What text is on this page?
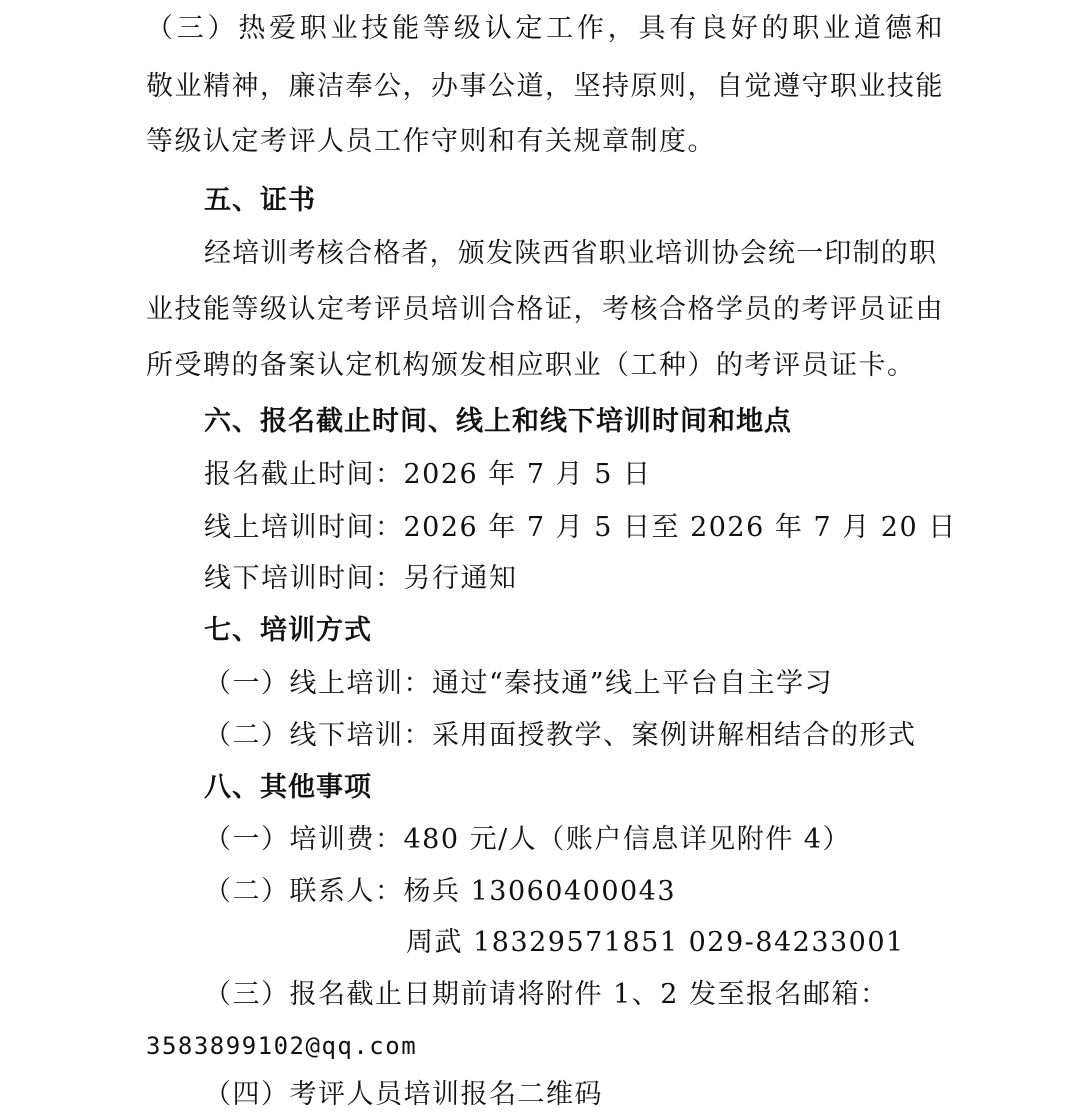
（三）热爱职业技能等级认定工作，具有良好的职业道德和
敬业精神，廉洁奉公，办事公道，坚持原则，自觉遵守职业技能
等级认定考评人员工作守则和有关规章制度。
五、证书
经培训考核合格者，颁发陕西省职业培训协会统一印制的职
业技能等级认定考评员培训合格证，考核合格学员的考评员证由
所受聘的备案认定机构颁发相应职业（工种）的考评员证卡。
六、报名截止时间、线上和线下培训时间和地点
报名截止时间：2026 年 7 月 5 日
线上培训时间：2026 年 7 月 5 日至 2026 年 7 月 20 日
线下培训时间：另行通知
七、培训方式
（一）线上培训：通过“秦技通”线上平台自主学习
（二）线下培训：采用面授教学、案例讲解相结合的形式
八、其他事项
（一）培训费：480 元/人（账户信息详见附件 4）
（二）联系人：杨兵 13060400043
周武 18329571851 029-84233001
（三）报名截止日期前请将附件 1、2 发至报名邮箱：
3583899102@qq.com
（四）考评人员培训报名二维码
